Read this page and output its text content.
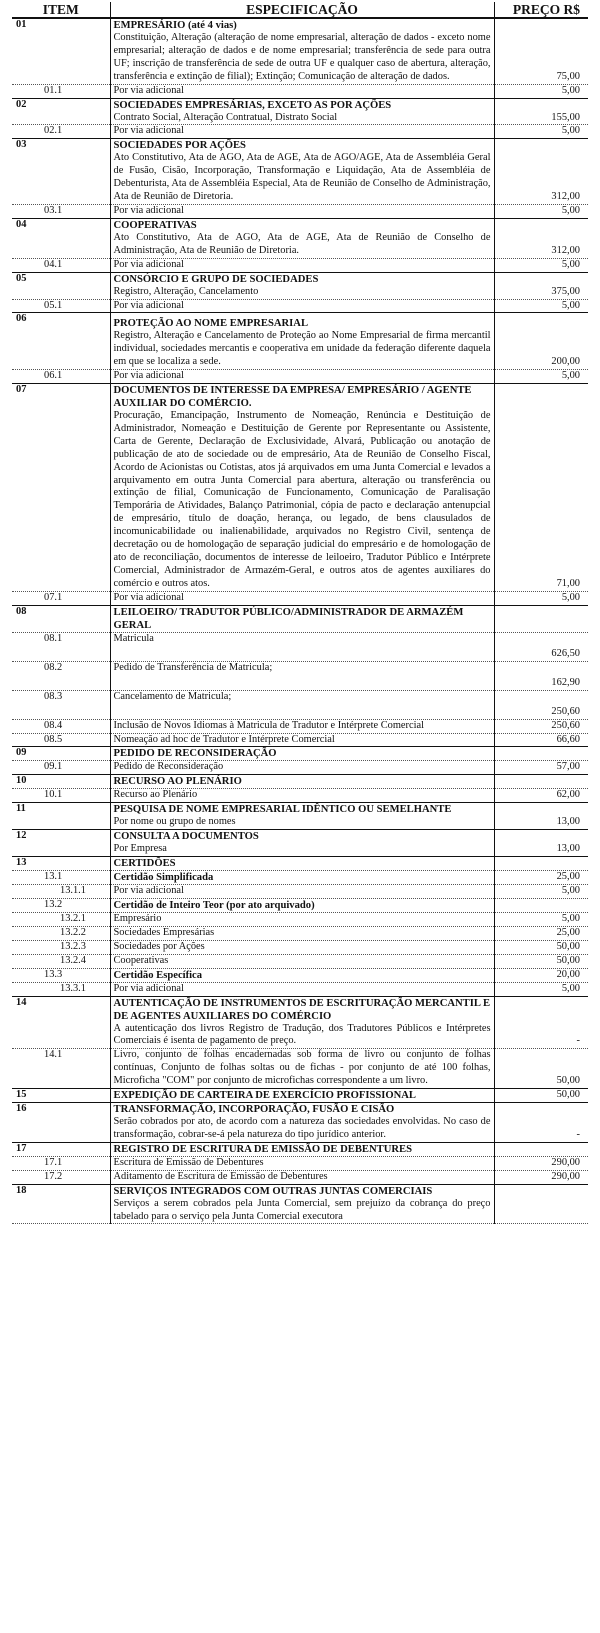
ITEM	ESPECIFICAÇÃO	PREÇO R$
01	EMPRESÁRIO (até 4 vias)
Constituição, Alteração (alteração de nome empresarial, alteração de dados - exceto nome empresarial; alteração de dados e de nome empresarial; transferência de sede para outra UF; inscrição de transferência de sede de outra UF e qualquer caso de abertura, alteração, transferência e extinção de filial); Extinção; Comunicação de alteração de dados.	75,00
01.1	Por via adicional	5,00
02	SOCIEDADES EMPRESÁRIAS, EXCETO AS POR AÇÕES
Contrato Social, Alteração Contratual, Distrato Social	155,00
02.1	Por via adicional	5,00
03	SOCIEDADES POR AÇÕES
Ato Constitutivo, Ata de AGO, Ata de AGE, Ata de AGO/AGE, Ata de Assembléia Geral de Fusão, Cisão, Incorporação, Transformação e Liquidação, Ata de Assembléia de Debenturista, Ata de Assembléia Especial, Ata de Reunião de Conselho de Administração, Ata de Reunião de Diretoria.	312,00
03.1	Por via adicional	5,00
04	COOPERATIVAS
Ato Constitutivo, Ata de AGO, Ata de AGE, Ata de Reunião de Conselho de Administração, Ata de Reunião de Diretoria.	312,00
04.1	Por via adicional	5,00
05	CONSÓRCIO E GRUPO DE SOCIEDADES
Registro, Alteração, Cancelamento	375,00
05.1	Por via adicional	5,00
06	PROTEÇÃO AO NOME EMPRESARIAL
Registro, Alteração e Cancelamento de Proteção ao Nome Empresarial de firma mercantil individual, sociedades mercantis e cooperativa em unidade da federação diferente daquela em que se localiza a sede.	200,00
06.1	Por via adicional	5,00
07	DOCUMENTOS DE INTERESSE DA EMPRESA/ EMPRESÁRIO / AGENTE AUXILIAR DO COMÉRCIO.
Procuração, Emancipação, Instrumento de Nomeação, Renúncia e Destituição de Administrador, Nomeação e Destituição de Gerente por Representante ou Assistente, Carta de Gerente, Declaração de Exclusividade, Alvará, Publicação ou anotação de publicação de ato de sociedade ou de empresário, Ata de Reunião de Conselho Fiscal, Acordo de Acionistas ou Cotistas, atos já arquivados em uma Junta Comercial e levados a arquivamento em outra Junta Comercial para abertura, alteração ou transferência ou extinção de filial, Comunicação de Funcionamento, Comunicação de Paralisação Temporária de Atividades, Balanço Patrimonial, cópia de pacto e declaração antenupcial de empresário, título de doação, herança, ou legado, de bens clausulados de incomunicabilidade ou inalienabilidade, arquivados no Registro Civil, sentença de decretação ou de homologação de separação judicial do empresário e de homologação de ato de reconciliação, documentos de interesse de leiloeiro, Tradutor Público e Intérprete Comercial, Administrador de Armazém-Geral, e outros atos de agentes auxiliares do comércio e outros atos.	71,00
07.1	Por via adicional	5,00
08	LEILOEIRO/ TRADUTOR PÚBLICO/ADMINISTRADOR DE ARMAZÉM GERAL	

08.1	Matricula	626,50
08.2	Pedido de Transferência de Matricula;	162,90
08.3	Cancelamento de Matricula;	250,60
08.4	Inclusão de Novos Idiomas à Matricula de Tradutor e Intérprete Comercial	250,60
08.5	Nomeação ad hoc de Tradutor e Intérprete Comercial	66,60
09	PEDIDO DE RECONSIDERAÇÃO	

09.1	Pedido de Reconsideração	57,00
10	RECURSO AO PLENÁRIO	

10.1	Recurso ao Plenário	62,00
11	PESQUISA DE NOME EMPRESARIAL IDÊNTICO OU SEMELHANTE
Por nome ou grupo de nomes	13,00
12	CONSULTA A DOCUMENTOS
Por Empresa	13,00
13	CERTIDÕES	

13.1	Certidão Simplificada	25,00
13.1.1	Por via adicional	5,00
13.2	Certidão de Inteiro Teor (por ato arquivado)	

13.2.1	Empresário	5,00
13.2.2	Sociedades Empresárias	25,00
13.2.3	Sociedades por Ações	50,00
13.2.4	Cooperativas	50,00
13.3	Certidão Específica	20,00
13.3.1	Por via adicional	5,00
14	AUTENTICAÇÃO DE INSTRUMENTOS DE ESCRITURAÇÃO MERCANTIL E DE AGENTES AUXILIARES DO COMÉRCIO
A autenticação dos livros Registro de Tradução, dos Tradutores Públicos e Intérpretes Comerciais é isenta de pagamento de preço.	-
14.1	Livro, conjunto de folhas encadernadas sob forma de livro ou conjunto de folhas contínuas, Conjunto de folhas soltas ou de fichas - por conjunto de até 100 folhas, Microficha "COM" por conjunto de microfichas correspondente a um livro.	50,00
15	EXPEDIÇÃO DE CARTEIRA DE EXERCÍCIO PROFISSIONAL	50,00
16	TRANSFORMAÇÃO, INCORPORAÇÃO, FUSÃO E CISÃO
Serão cobrados por ato, de acordo com a natureza das sociedades envolvidas. No caso de transformação, cobrar-se-á pela natureza do tipo jurídico anterior.	-
17	REGISTRO DE ESCRITURA DE EMISSÃO DE DEBENTURES	

17.1	Escritura de Emissão de Debentures	290,00
17.2	Aditamento de Escritura de Emissão de Debentures	290,00
18	SERVIÇOS INTEGRADOS COM OUTRAS JUNTAS COMERCIAIS
Serviços a serem cobrados pela Junta Comercial, sem prejuízo da cobrança do preço tabelado para o serviço pela Junta Comercial executora	
